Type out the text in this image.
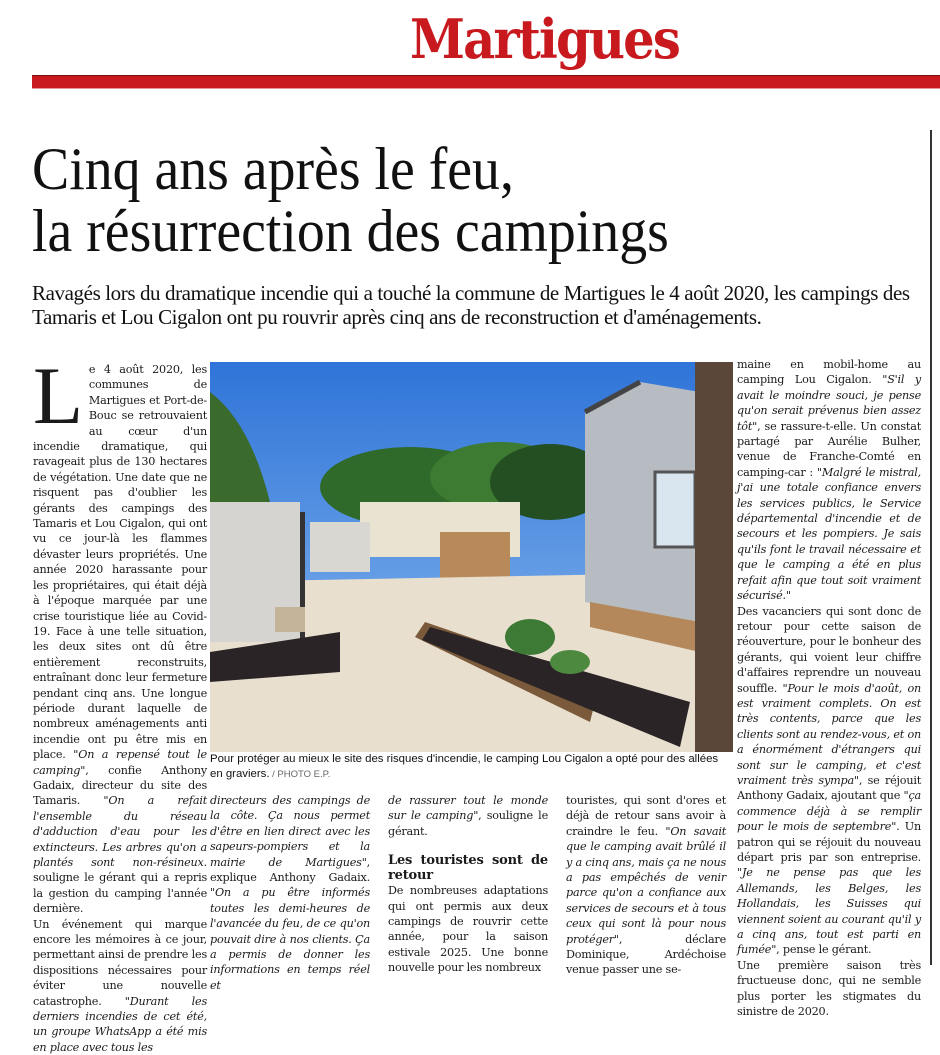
Martigues
Cinq ans après le feu,
la résurrection des campings
Ravagés lors du dramatique incendie qui a touché la commune de Martigues le 4 août 2020, les campings des Tamaris et Lou Cigalon ont pu rouvrir après cinq ans de reconstruction et d'aménagements.

Le 4 août 2020, les communes de Martigues et Port-de-Bouc se retrouvaient au cœur d'un incendie dramatique, qui ravageait plus de 130 hectares de végétation. Une date que ne risquent pas d'oublier les gérants des campings des Tamaris et Lou Cigalon, qui ont vu ce jour-là les flammes dévaster leurs propriétés. Une année 2020 harassante pour les propriétaires, qui était déjà à l'époque marquée par une crise touristique liée au Covid-19. Face à une telle situation, les deux sites ont dû être entièrement reconstruits, entraînant donc leur fermeture pendant cinq ans. Une longue période durant laquelle de nombreux aménagements anti incendie ont pu être mis en place. "On a repensé tout le camping", confie Anthony Gadaix, directeur du site des Tamaris. "On a refait l'ensemble du réseau d'adduction d'eau pour les extincteurs. Les arbres qu'on a plantés sont non-résineux. souligne le gérant qui a repris la gestion du camping l'année dernière.

Un événement qui marque encore les mémoires à ce jour, permettant ainsi de prendre les dispositions nécessaires pour éviter une nouvelle catastrophe. "Durant les derniers incendies de cet été, un groupe WhatsApp a été mis en place avec tous les

Pour protéger au mieux le site des risques d'incendie, le camping Lou Cigalon a opté pour des allées en graviers. / PHOTO E.P.

directeurs des campings de la côte. Ça nous permet d'être en lien direct avec les sapeurs-pompiers et la mairie de Martigues", explique Anthony Gadaix. "On a pu être informés toutes les demi-heures de l'avancée du feu, de ce qu'on pouvait dire à nos clients. Ça a permis de donner les informations en temps réel et

de rassurer tout le monde sur le camping", souligne le gérant.

Les touristes sont de retour

De nombreuses adaptations qui ont permis aux deux campings de rouvrir cette année, pour la saison estivale 2025. Une bonne nouvelle pour les nombreux

touristes, qui sont d'ores et déjà de retour sans avoir à craindre le feu. "On savait que le camping avait brûlé il y a cinq ans, mais ça ne nous a pas empêchés de venir parce qu'on a confiance aux services de secours et à tous ceux qui sont là pour nous protéger", déclare Dominique, Ardéchoise venue passer une se-

maine en mobil-home au camping Lou Cigalon. "S'il y avait le moindre souci, je pense qu'on serait prévenus bien assez tôt", se rassure-t-elle. Un constat partagé par Aurélie Bulher, venue de Franche-Comté en camping-car : "Malgré le mistral, j'ai une totale confiance envers les services publics, le Service départemental d'incendie et de secours et les pompiers. Je sais qu'ils font le travail nécessaire et que le camping a été en plus refait afin que tout soit vraiment sécurisé."

Des vacanciers qui sont donc de retour pour cette saison de réouverture, pour le bonheur des gérants, qui voient leur chiffre d'affaires reprendre un nouveau souffle. "Pour le mois d'août, on est vraiment complets. On est très contents, parce que les clients sont au rendez-vous, et on a énormément d'étrangers qui sont sur le camping, et c'est vraiment très sympa", se réjouit Anthony Gadaix, ajoutant que "ça commence déjà à se remplir pour le mois de septembre". Un patron qui se réjouit du nouveau départ pris par son entreprise. "Je ne pense pas que les Allemands, les Belges, les Hollandais, les Suisses qui viennent soient au courant qu'il y a cinq ans, tout est parti en fumée", pense le gérant.

Une première saison très fructueuse donc, qui ne semble plus porter les stigmates du sinistre de 2020.
